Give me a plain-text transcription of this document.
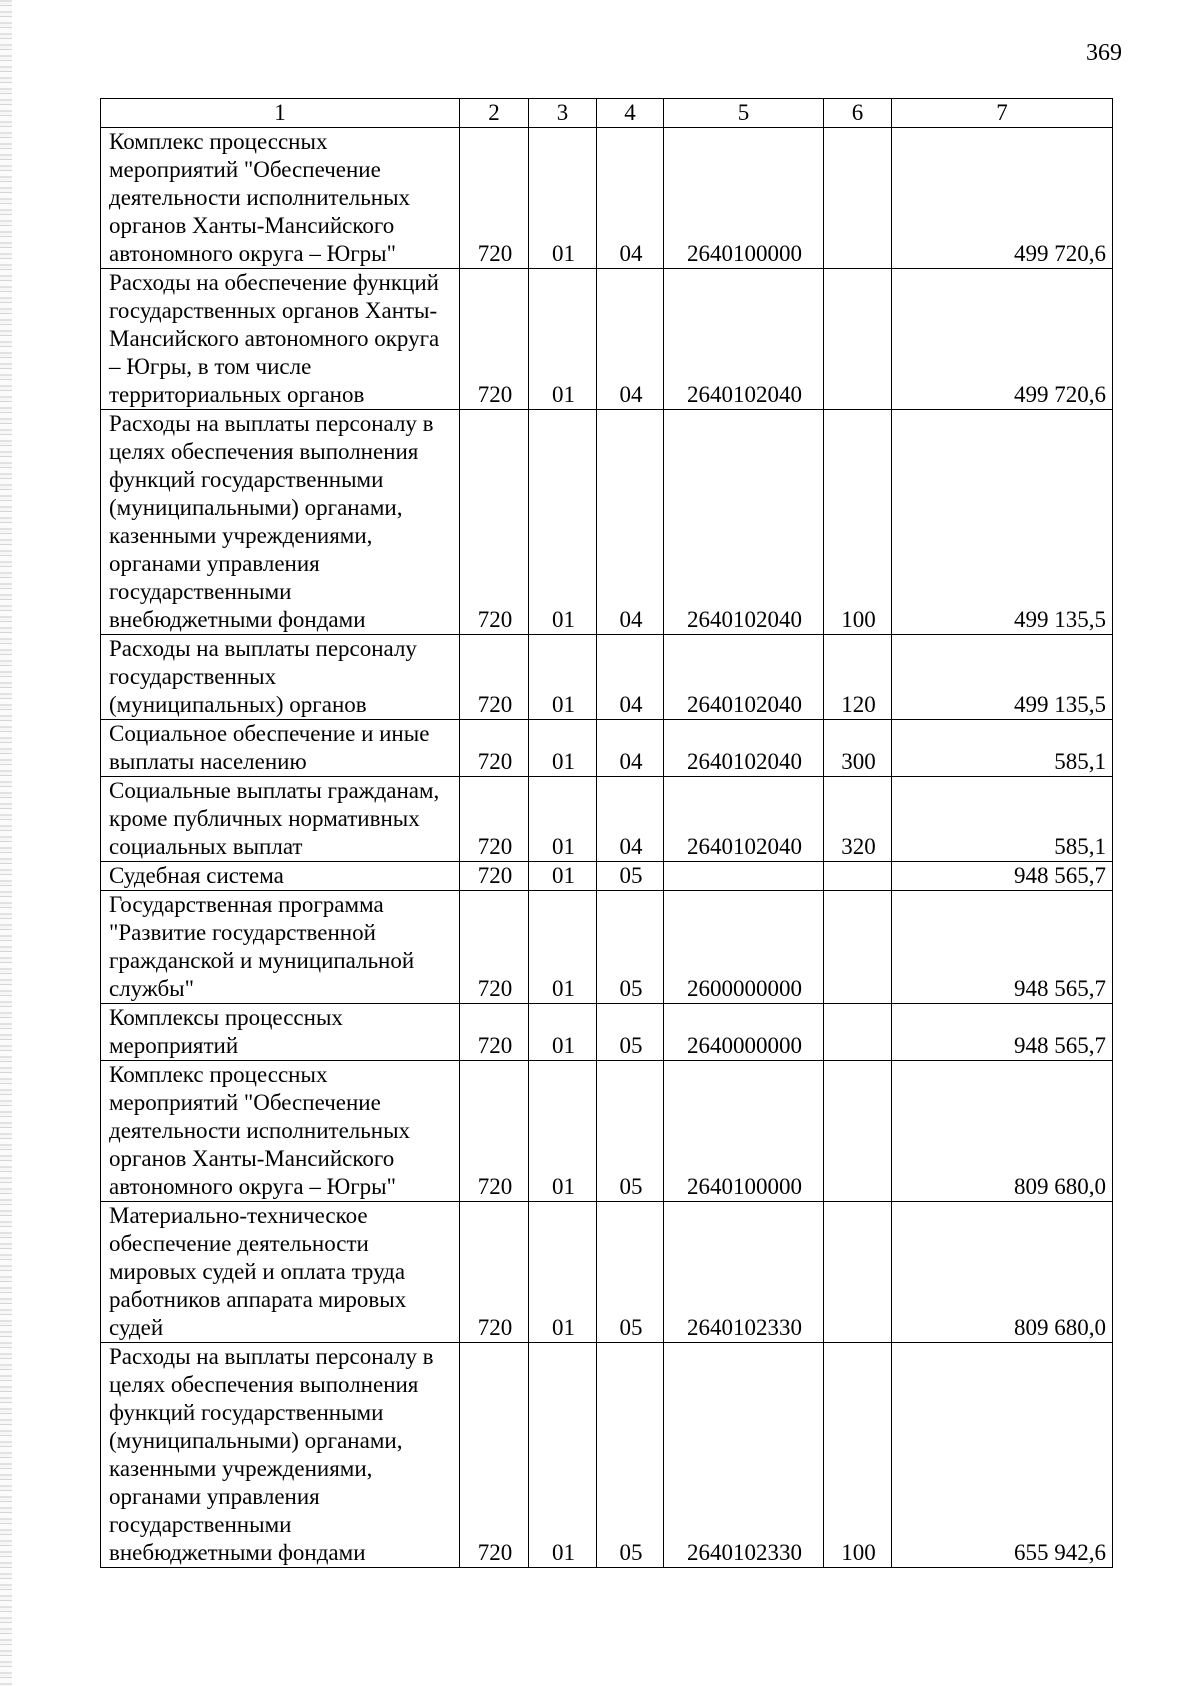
369
1	2	3	4	5	6	7
Комплекс процессных мероприятий "Обеспечение деятельности исполнительных органов Ханты-Мансийского автономного округа – Югры"	720	01	04	2640100000		499 720,6
Расходы на обеспечение функций государственных органов Ханты-Мансийского автономного округа – Югры, в том числе территориальных органов	720	01	04	2640102040		499 720,6
Расходы на выплаты персоналу в целях обеспечения выполнения функций государственными (муниципальными) органами, казенными учреждениями, органами управления государственными внебюджетными фондами	720	01	04	2640102040	100	499 135,5
Расходы на выплаты персоналу государственных (муниципальных) органов	720	01	04	2640102040	120	499 135,5
Социальное обеспечение и иные выплаты населению	720	01	04	2640102040	300	585,1
Социальные выплаты гражданам, кроме публичных нормативных социальных выплат	720	01	04	2640102040	320	585,1
Судебная система	720	01	05			948 565,7
Государственная программа "Развитие государственной гражданской и муниципальной службы"	720	01	05	2600000000		948 565,7
Комплексы процессных мероприятий	720	01	05	2640000000		948 565,7
Комплекс процессных мероприятий "Обеспечение деятельности исполнительных органов Ханты-Мансийского автономного округа – Югры"	720	01	05	2640100000		809 680,0
Материально-техническое обеспечение деятельности мировых судей и оплата труда работников аппарата мировых судей	720	01	05	2640102330		809 680,0
Расходы на выплаты персоналу в целях обеспечения выполнения функций государственными (муниципальными) органами, казенными учреждениями, органами управления государственными внебюджетными фондами	720	01	05	2640102330	100	655 942,6
